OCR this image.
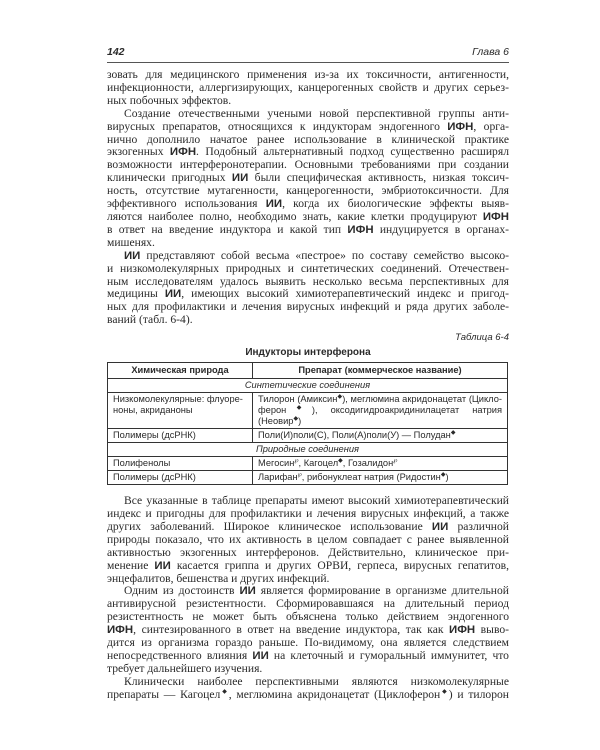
142	Глава 6
зовать для медицинского применения из-за их токсичности, антигенности,
инфекционности, аллергизирующих, канцерогенных свойств и других серьез-
ных побочных эффектов.
Создание отечественными учеными новой перспективной группы анти-
вирусных препаратов, относящихся к индукторам эндогенного ИФН, орга-
нично дополнило начатое ранее использование в клинической практике
экзогенных ИФН. Подобный альтернативный подход существенно расширял
возможности интерферонотерапии. Основными требованиями при создании
клинически пригодных ИИ были специфическая активность, низкая токсич-
ность, отсутствие мутагенности, канцерогенности, эмбриотоксичности. Для
эффективного использования ИИ, когда их биологические эффекты выяв-
ляются наиболее полно, необходимо знать, какие клетки продуцируют ИФН
в ответ на введение индуктора и какой тип ИФН индуцируется в органах-
мишенях.
ИИ представляют собой весьма «пестрое» по составу семейство высоко-
и низкомолекулярных природных и синтетических соединений. Отечествен-
ным исследователям удалось выявить несколько весьма перспективных для
медицины ИИ, имеющих высокий химиотерапевтический индекс и пригод-
ных для профилактики и лечения вирусных инфекций и ряда других заболе-
ваний (табл. 6-4).
Таблица 6-4
Индукторы интерферона
Химическая природа	Препарат (коммерческое название)
Синтетические соединения	
Низкомолекулярные: флуоре-ноны, акриданоны	Тилорон (Амиксин◆), меглюмина акридонацетат (Цикло-ферон◆), оксодигидроакридинилацетат натрия (Неовир◆)
Полимеры (дсРНК)	Поли(И)поли(С), Поли(А)поли(У) — Полудан◆
Природные соединения	
Полифенолы	Мегосин℘, Кагоцел◆, Гозалидон℘
Полимеры (дсРНК)	Ларифан℘, рибонуклеат натрия (Ридостин◆)
Все указанные в таблице препараты имеют высокий химиотерапевтический
индекс и пригодны для профилактики и лечения вирусных инфекций, а также
других заболеваний. Широкое клиническое использование ИИ различной
природы показало, что их активность в целом совпадает с ранее выявленной
активностью экзогенных интерферонов. Действительно, клиническое при-
менение ИИ касается гриппа и других ОРВИ, герпеса, вирусных гепатитов,
энцефалитов, бешенства и других инфекций.
Одним из достоинств ИИ является формирование в организме длительной
антивирусной резистентности. Сформировавшаяся на длительный период
резистентность не может быть объяснена только действием эндогенного
ИФН, синтезированного в ответ на введение индуктора, так как ИФН выво-
дится из организма гораздо раньше. По-видимому, она является следствием
непосредственного влияния ИИ на клеточный и гуморальный иммунитет, что
требует дальнейшего изучения.
Клинически наиболее перспективными являются низкомолекулярные
препараты — Кагоцел◆, меглюмина акридонацетат (Циклоферон◆) и тилорон
